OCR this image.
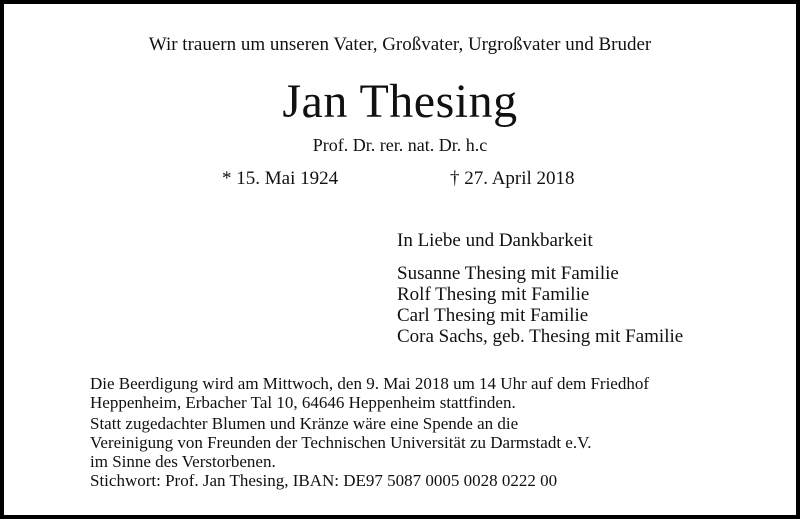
Wir trauern um unseren Vater, Großvater, Urgroßvater und Bruder
Jan Thesing
Prof. Dr. rer. nat. Dr. h.c
* 15. Mai 1924	† 27. April 2018
In Liebe und Dankbarkeit
Susanne Thesing mit Familie
Rolf Thesing mit Familie
Carl Thesing mit Familie
Cora Sachs, geb. Thesing mit Familie
Die Beerdigung wird am Mittwoch, den 9. Mai 2018 um 14 Uhr auf dem Friedhof
Heppenheim, Erbacher Tal 10, 64646 Heppenheim stattfinden.
Statt zugedachter Blumen und Kränze wäre eine Spende an die
Vereinigung von Freunden der Technischen Universität zu Darmstadt e.V.
im Sinne des Verstorbenen.
Stichwort: Prof. Jan Thesing, IBAN: DE97 5087 0005 0028 0222 00
